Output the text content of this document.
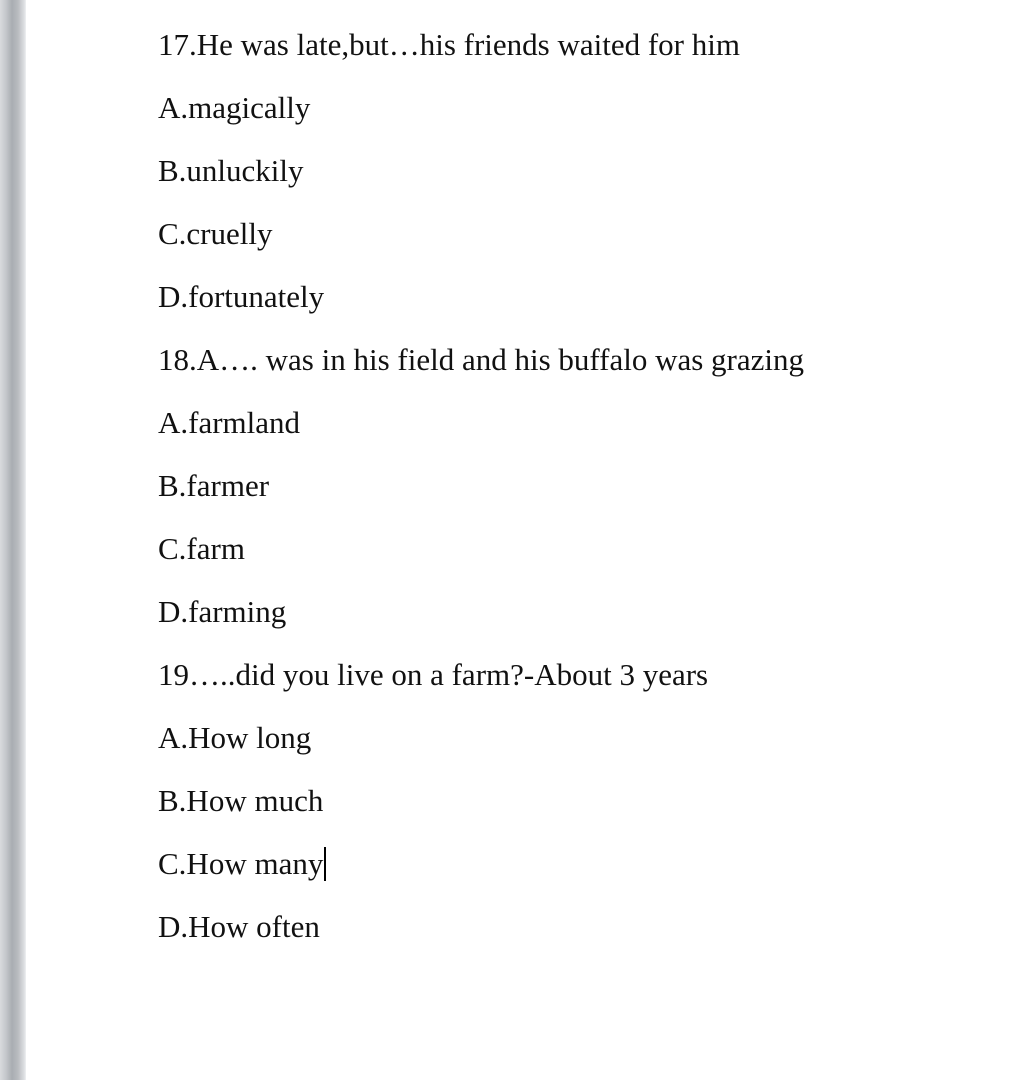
17.He was late,but…his friends waited for him
A.magically
B.unluckily
C.cruelly
D.fortunately
18.A…. was in his field and his buffalo was grazing
A.farmland
B.farmer
C.farm
D.farming
19…..did you live on a farm?-About 3 years
A.How long
B.How much
C.How many
D.How often
